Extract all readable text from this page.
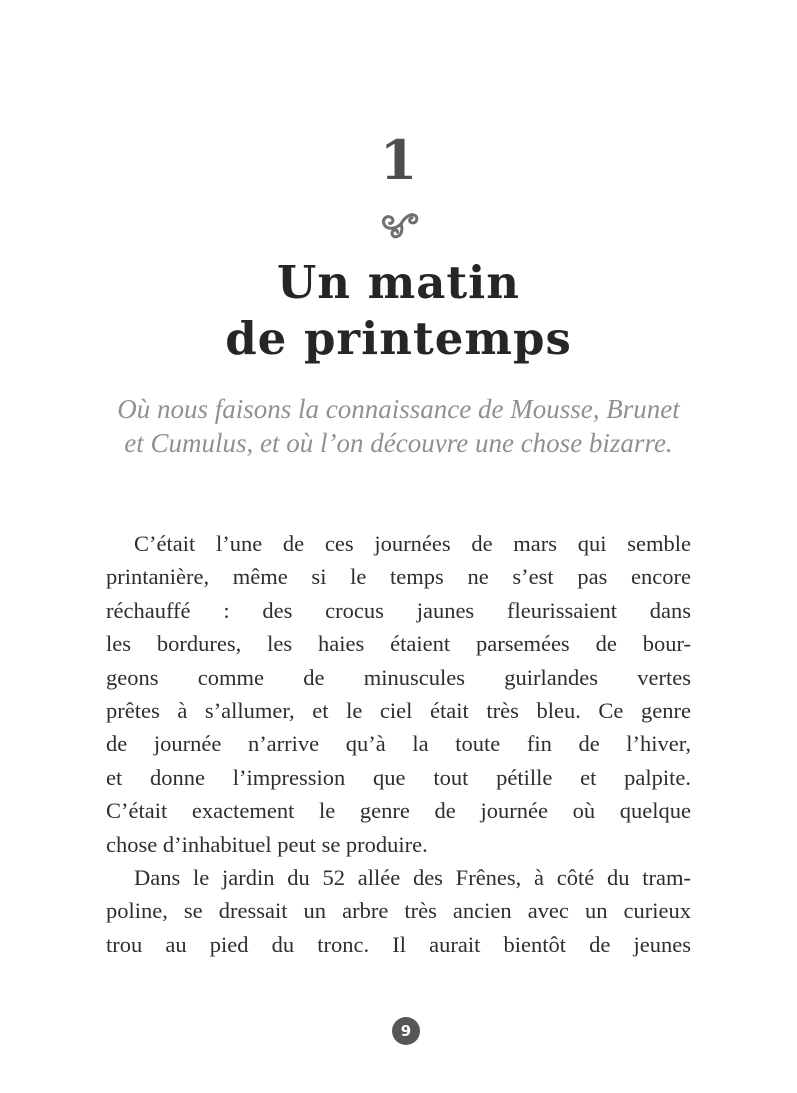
1
Un matin
de printemps
Où nous faisons la connaissance de Mousse, Brunet
et Cumulus, et où l’on découvre une chose bizarre.
C’était l’une de ces journées de mars qui semble
printanière, même si le temps ne s’est pas encore
réchauffé : des crocus jaunes fleurissaient dans
les bordures, les haies étaient parsemées de bour-
geons comme de minuscules guirlandes vertes
prêtes à s’allumer, et le ciel était très bleu. Ce genre
de journée n’arrive qu’à la toute fin de l’hiver,
et donne l’impression que tout pétille et palpite.
C’était exactement le genre de journée où quelque
chose d’inhabituel peut se produire.
Dans le jardin du 52 allée des Frênes, à côté du tram-
poline, se dressait un arbre très ancien avec un curieux
trou au pied du tronc. Il aurait bientôt de jeunes
9
